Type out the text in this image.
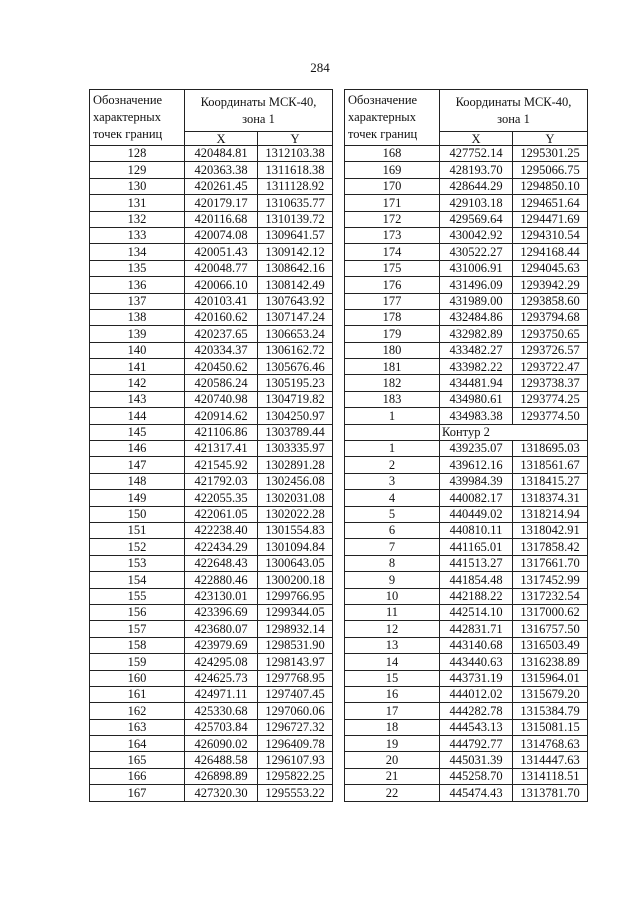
284
Обозначение
характерных
точек границ	Координаты МСК-40,
зона 1	
	X	Y
128	420484.81	1312103.38
129	420363.38	1311618.38
130	420261.45	1311128.92
131	420179.17	1310635.77
132	420116.68	1310139.72
133	420074.08	1309641.57
134	420051.43	1309142.12
135	420048.77	1308642.16
136	420066.10	1308142.49
137	420103.41	1307643.92
138	420160.62	1307147.24
139	420237.65	1306653.24
140	420334.37	1306162.72
141	420450.62	1305676.46
142	420586.24	1305195.23
143	420740.98	1304719.82
144	420914.62	1304250.97
145	421106.86	1303789.44
146	421317.41	1303335.97
147	421545.92	1302891.28
148	421792.03	1302456.08
149	422055.35	1302031.08
150	422061.05	1302022.28
151	422238.40	1301554.83
152	422434.29	1301094.84
153	422648.43	1300643.05
154	422880.46	1300200.18
155	423130.01	1299766.95
156	423396.69	1299344.05
157	423680.07	1298932.14
158	423979.69	1298531.90
159	424295.08	1298143.97
160	424625.73	1297768.95
161	424971.11	1297407.45
162	425330.68	1297060.06
163	425703.84	1296727.32
164	426090.02	1296409.78
165	426488.58	1296107.93
166	426898.89	1295822.25
167	427320.30	1295553.22
Обозначение
характерных
точек границ	Координаты МСК-40,
зона 1	
	X	Y
168	427752.14	1295301.25
169	428193.70	1295066.75
170	428644.29	1294850.10
171	429103.18	1294651.64
172	429569.64	1294471.69
173	430042.92	1294310.54
174	430522.27	1294168.44
175	431006.91	1294045.63
176	431496.09	1293942.29
177	431989.00	1293858.60
178	432484.86	1293794.68
179	432982.89	1293750.65
180	433482.27	1293726.57
181	433982.22	1293722.47
182	434481.94	1293738.37
183	434980.61	1293774.25
1	434983.38	1293774.50
	Контур 2	
1	439235.07	1318695.03
2	439612.16	1318561.67
3	439984.39	1318415.27
4	440082.17	1318374.31
5	440449.02	1318214.94
6	440810.11	1318042.91
7	441165.01	1317858.42
8	441513.27	1317661.70
9	441854.48	1317452.99
10	442188.22	1317232.54
11	442514.10	1317000.62
12	442831.71	1316757.50
13	443140.68	1316503.49
14	443440.63	1316238.89
15	443731.19	1315964.01
16	444012.02	1315679.20
17	444282.78	1315384.79
18	444543.13	1315081.15
19	444792.77	1314768.63
20	445031.39	1314447.63
21	445258.70	1314118.51
22	445474.43	1313781.70
